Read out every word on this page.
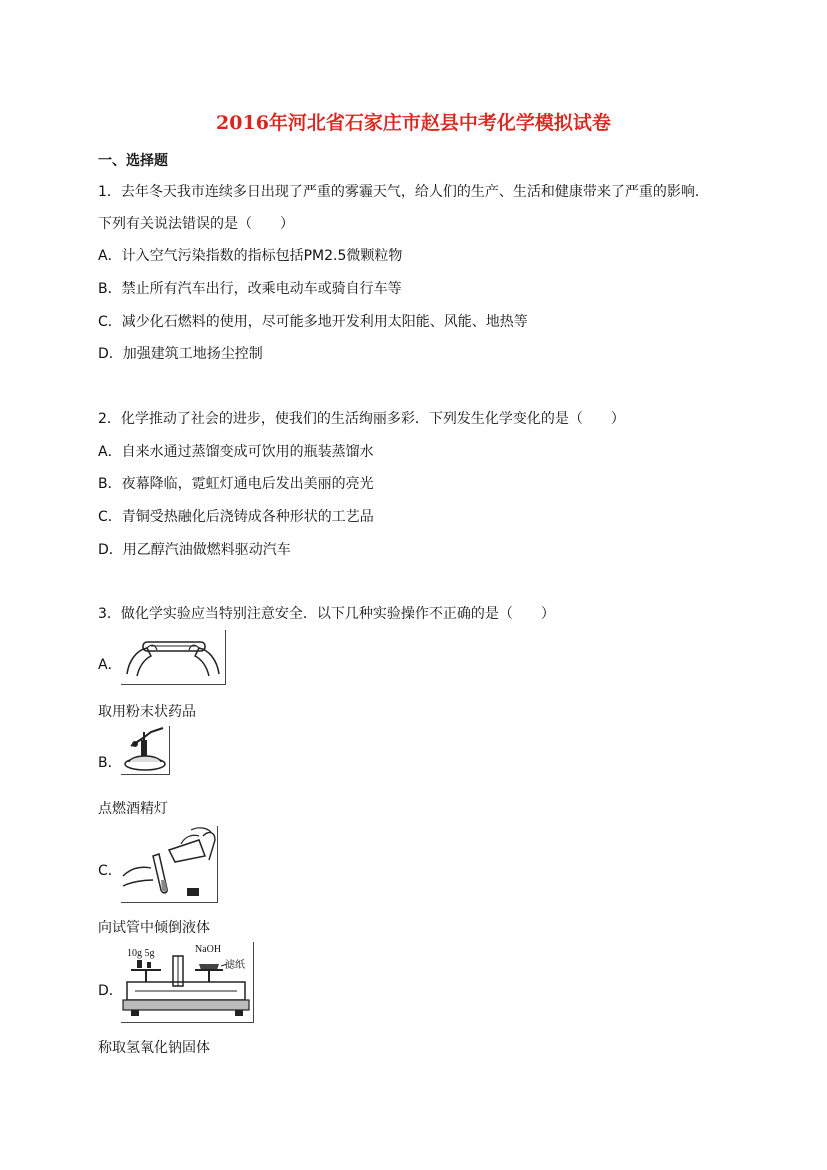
2016年河北省石家庄市赵县中考化学模拟试卷
一、选择题
1．去年冬天我市连续多日出现了严重的雾霾天气，给人们的生产、生活和健康带来了严重的影响．
下列有关说法错误的是（　　）
A．计入空气污染指数的指标包括PM2.5微颗粒物
B．禁止所有汽车出行，改乘电动车或骑自行车等
C．减少化石燃料的使用，尽可能多地开发利用太阳能、风能、地热等
D．加强建筑工地扬尘控制
2．化学推动了社会的进步，使我们的生活绚丽多彩．下列发生化学变化的是（　　）
A．自来水通过蒸馏变成可饮用的瓶装蒸馏水
B．夜幕降临，霓虹灯通电后发出美丽的亮光
C．青铜受热融化后浇铸成各种形状的工艺品
D．用乙醇汽油做燃料驱动汽车
3．做化学实验应当特别注意安全．以下几种实验操作不正确的是（　　）
A．
取用粉末状药品
B．
点燃酒精灯
C．
向试管中倾倒液体
D．
10g 5g	NaOH
滤纸
称取氢氧化钠固体
